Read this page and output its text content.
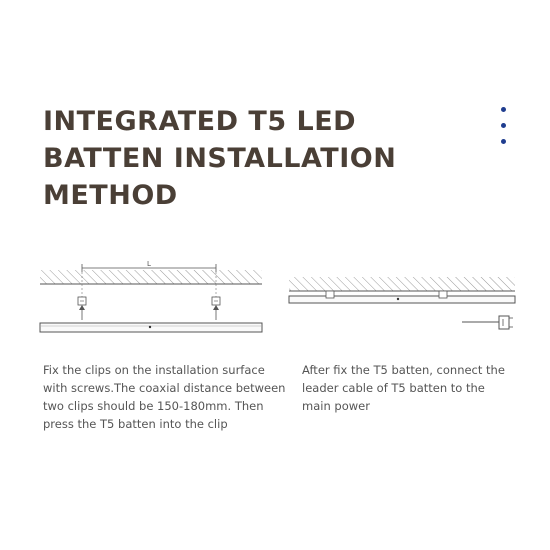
INTEGRATED T5 LED
BATTEN INSTALLATION
METHOD
L
Fix the clips on the installation surface
with screws.The coaxial distance between
two clips should be 150-180mm. Then
press the T5 batten into the clip
After fix the T5 batten, connect the
leader cable of T5 batten to the
main power
